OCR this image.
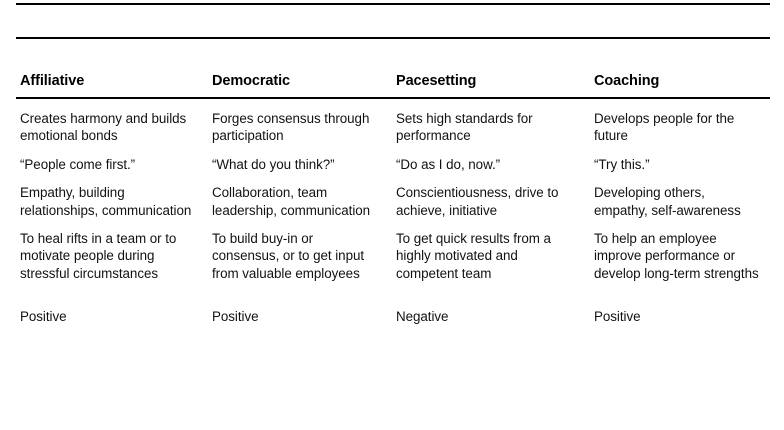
Affiliative	Democratic	Pacesetting	Coaching

Creates harmony and builds emotional bonds	Forges consensus through participation	Sets high standards for performance	Develops people for the future

“People come first.”	“What do you think?”	“Do as I do, now.”	“Try this.”

Empathy, building relationships, communication	Collaboration, team leadership, communication	Conscientiousness, drive to achieve, initiative	Developing others, empathy, self-awareness

To heal rifts in a team or to motivate people during stressful circumstances	To build buy-in or consensus, or to get input from valuable employees	To get quick results from a highly motivated and competent team	To help an employee improve performance or develop long-term strengths

Positive	Positive	Negative	Positive
